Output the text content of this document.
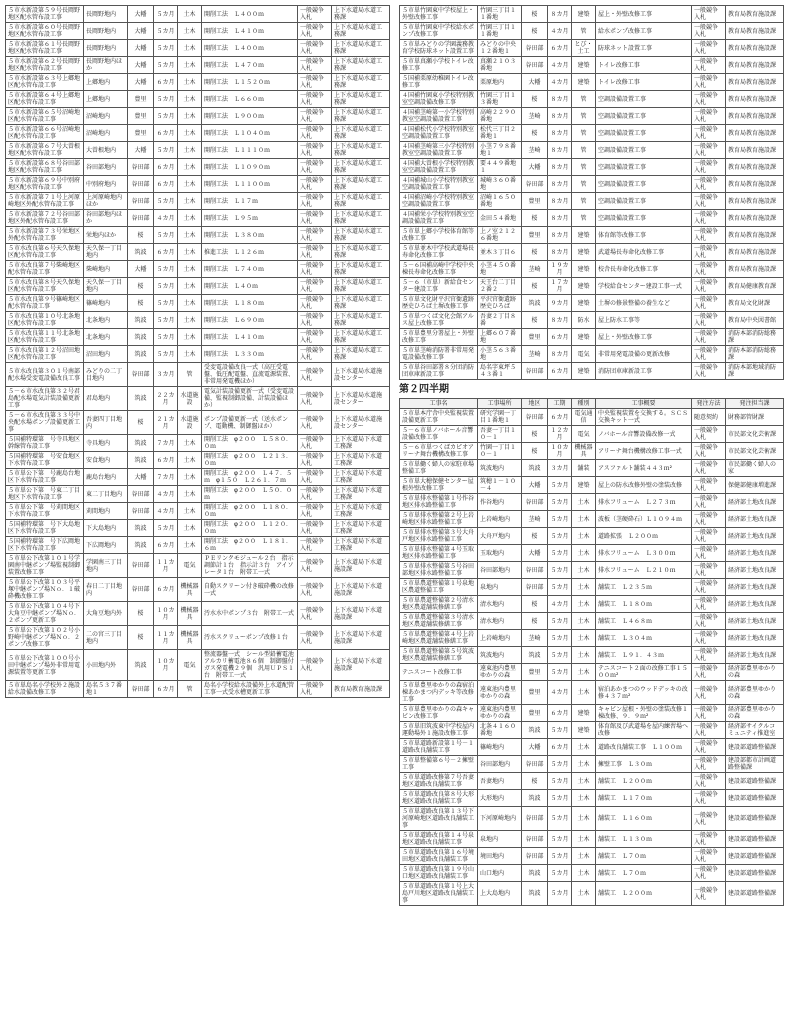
５市水新設第５９号長岡野地区配水管布設工事	長岡野地内	大幡	５カ月	土木	開削工法　Ｌ４００ｍ	一般競争入札	上下水道局水道工務課
５市水新設第６０号長岡野地区配水管布設工事	長岡野地内	大幡	５カ月	土木	開削工法　Ｌ４１０ｍ	一般競争入札	上下水道局水道工務課
５市水新設第６１号長岡野地区配水管布設工事	長岡野地内	大幡	５カ月	土木	開削工法　Ｌ４００ｍ	一般競争入札	上下水道局水道工務課
５市水新設第６２号長岡野地区配水管布設工事	長岡野地内ほか	大幡	５カ月	土木	開削工法　Ｌ４７０ｍ	一般競争入札	上下水道局水道工務課
５市水新設第６３号上郷地区配水管布設工事	上郷地内	大幡	６カ月	土木	開削工法　Ｌ１５２０ｍ	一般競争入札	上下水道局水道工務課
５市水新設第６４号上郷地区配水管布設工事	上郷地内	豊里	５カ月	土木	開削工法　Ｌ６６０ｍ	一般競争入札	上下水道局水道工務課
５市水新設第６５号沼崎地区配水管布設工事	沼崎地内	豊里	５カ月	土木	開削工法　Ｌ９００ｍ	一般競争入札	上下水道局水道工務課
５市水新設第６６号沼崎地区配水管布設工事	沼崎地内	豊里	６カ月	土木	開削工法　Ｌ１０４０ｍ	一般競争入札	上下水道局水道工務課
５市水新設第６７号大曽根地区配水管布設工事	大曽根地内	大幡	５カ月	土木	開削工法　Ｌ１１１０ｍ	一般競争入札	上下水道局水道工務課
５市水新設第６８号谷田部地区配水管布設工事	谷田部地内	谷田部	６カ月	土木	開削工法　Ｌ１０９０ｍ	一般競争入札	上下水道局水道工務課
５市水新設第６９号中別府地区配水管布設工事	中別府地内	谷田部	６カ月	土木	開削工法　Ｌ１１００ｍ	一般競争入札	上下水道局水道工務課
５市水新設第７１号上河原崎地区外配水管布設工事	上河原崎地内ほか	谷田部	５カ月	土木	開削工法　Ｌ１７ｍ	一般競争入札	上下水道局水道工務課
５市水新設第７２号谷田部地区外配水管布設工事	谷田部地内ほか	谷田部	４カ月	土木	開削工法　Ｌ９５ｍ	一般競争入札	上下水道局水道工務課
５市水新設第７３号栄地区外配水管布設工事	栄地内ほか	桜	５カ月	土木	開削工法　Ｌ３８０ｍ	一般競争入札	上下水道局水道工務課
５市水改良第６号天久保地区配水管布設工事	天久保一丁目地内	筑波	６カ月	土木	推進工法　Ｌ１２６ｍ	一般競争入札	上下水道局水道工務課
５市水改良第７号柴崎地区配水管布設工事	柴崎地内	大幡	５カ月	土木	開削工法　Ｌ７４０ｍ	一般競争入札	上下水道局水道工務課
５市水改良第８号天久保地区配水管布設工事	天久保一丁目地内	桜	５カ月	土木	開削工法　Ｌ４０ｍ	一般競争入札	上下水道局水道工務課
５市水改良第９号篠崎地区配水管布設工事	篠崎地内	桜	５カ月	土木	開削工法　Ｌ１８０ｍ	一般競争入札	上下水道局水道工務課
５市水改良第１０号北条地区配水管布設工事	北条地内	筑波	５カ月	土木	開削工法　Ｌ６９０ｍ	一般競争入札	上下水道局水道工務課
５市水改良第１１号北条地区配水管布設工事	北条地内	筑波	５カ月	土木	開削工法　Ｌ４１０ｍ	一般競争入札	上下水道局水道工務課
５市水改良第１２号沼田地区配水管布設工事	沼田地内	筑波	５カ月	土木	開削工法　Ｌ３３０ｍ	一般競争入札	上下水道局水道工務課
５市水改良第３０１号南部配水場受変電設備改良工事	みどりの二丁目地内	谷田部	３カ月	管	受変電設備改良一式（高圧受電盤、低圧配電盤、直流電源装置、非常用発電機ほか）	一般競争入札	上下水道局水道施設センター
５－６市水改良第３２号君島配水場電気計装設備更新工事	君島地内	筑波	２２カ月	水道施設	電気計装設備更新一式（受変電設備、監視制御設備、計装設備ほか）	一般競争入札	上下水道局水道施設センター
５－６市水改良第３３号中央配水場ポンプ設備更新工事	吾妻四丁目地内	桜	２１カ月	水道施設	ポンプ設備更新一式（送水ポンプ、電動機、制御盤ほか）	一般競争入札	上下水道局水道施設センター
５国補特環第　号寺具地区幹線管布設工事	寺具地内	筑波	７カ月	土木	開削工法　φ２００　Ｌ５８０．０ｍ	一般競争入札	上下水道局下水道工務課
５国補特環第　号安食地区下水管布設工事	安食地内	筑波	６カ月	土木	開削工法　φ２００　Ｌ２１３．０ｍ	一般競争入札	上下水道局下水道工務課
５市単公下第　号鹿島台地区下水管布設工事	鹿島台地内	大幡	７カ月	土木	開削工法　φ２００　Ｌ４７．５ｍ　φ１５０　Ｌ２６１．７ｍ	一般競争入札	上下水道局下水道工務課
５市単公下第　号東二丁目地区下水管布設工事	東二丁目地内	谷田部	４カ月	土木	開削工法　φ２００　Ｌ５０．０ｍ	一般競争入札	上下水道局下水道工務課
５市単公下第　号苅間地区下水管布設工事	苅間地内	谷田部	４カ月	土木	開削工法　φ２００　Ｌ１８０．０ｍ	一般競争入札	上下水道局下水道工務課
５国補特環第　号下大島地区下水管布設工事	下大島地内	筑波	５カ月	土木	開削工法　φ２００　Ｌ１２０．０ｍ	一般競争入札	上下水道局下水道工務課
５国補特環第　号下広岡地区下水管布設工事	下広岡地内	筑波	６カ月	土木	開削工法　φ２００　Ｌ１８１．６ｍ	一般競争入札	上下水道局下水道工務課
５市単公下改第１０１号学園南中継ポンプ場監視制御装置改修工事	学園南三丁目地内	谷田部	１１カ月	電気	ＰＥリンクモジュール２台　指示調節計１台　指示計３台　アイソレータ１台　附帯工一式	一般競争入札	上下水道局下水道施設課
５市単公下改第１０３号平塚中継ポンプ場Ｎｏ．１破砕機改修工事	春日二丁目地内	谷田部	６カ月	機械器具	自動スクリーン付き破砕機の改修一式	一般競争入札	上下水道局下水道施設課
５市単公下改第１０４号下大角豆中継ポンプ場Ｎｏ．２ポンプ更新工事	大角豆地内外	桜	１０カ月	機械器具	汚水水中ポンプ３台　附帯工一式	一般競争入札	上下水道局下水道施設課
５市単公下改第１０２号小野崎中継ポンプ場Ｎｏ．２ポンプ改修工事	二の宮三丁目地内	桜	１１カ月	機械器具	汚水スクリューポンプ改修１台	一般競争入札	上下水道局下水道施設課
５市単公下改第１００号小田中継ポンプ場外非常用電源装置等更新工事	小田地内外	筑波	１０カ月	電気	整流器盤一式　シール型鉛蓄電池アルカリ蓄電池８６個　制御盤付ガス発電機２９個　汎用ＵＰＳ１台　附帯工一式	一般競争入札	上下水道局下水道施設課
５市単島名小学校外２施設給水設備改修工事	島名５３７番地１	谷田部	６カ月	管	島名小学校給水設備外上水道配管工事一式受水槽更新工事	一般競争入札	教育局教育施設課
５市単竹園東中学校屋上・外壁改修工事	竹園三丁目１１番地	桜	８カ月	建築	屋上・外壁改修工事	一般競争入札	教育局教育施設課
５市単竹園東中学校給水ポンプ改修工事	竹園三丁目１１番地	桜	４カ月	管	給水ポンプ改修工事	一般競争入札	教育局教育施設課
５市単みどりの学園義務教育学校防球ネット設置工事	みどりの中央１２番地１	谷田部	６カ月	とび・土工	防球ネット設置工事	一般競争入札	教育局教育施設課
５市単真瀬小学校トイレ改修工事	真瀬２１０３番地	谷田部	４カ月	建築	トイレ改修工事	一般競争入札	教育局教育施設課
５国補栗原幼稚園トイレ改修工事	栗原地内	大幡	４カ月	建築	トイレ改修工事	一般競争入札	教育局教育施設課
４国補竹園東小学校特別教室空調設備改修工事	竹園三丁目１３番地	桜	８カ月	管	空調設備設置工事	一般競争入札	教育局教育施設課
４国補茎崎第一小学校特別教室空調設備設置工事	高崎２２９０番地	茎崎	８カ月	管	空調設備設置工事	一般競争入札	教育局教育施設課
４国補松代小学校特別教室空調設備設置工事	松代三丁目２番地１	桜	８カ月	管	空調設備設置工事	一般競争入札	教育局教育施設課
４国補茎崎第三小学校特別教室空調設備設置工事	小茎７９８番地１	茎崎	８カ月	管	空調設備設置工事	一般競争入札	教育局教育施設課
４国補大曽根小学校特別教室空調設備設置工事	要４４９番地１	大幡	８カ月	管	空調設備設置工事	一般競争入札	教育局教育施設課
４国補城山小学校特別教室空調設備設置工事	城崎３６０番地	谷田部	８カ月	管	空調設備設置工事	一般競争入札	教育局教育施設課
４国補沼崎小学校特別教室空調設備設置工事	沼崎１６５０番地	豊里	８カ月	管	空調設備設置工事	一般競争入札	教育局教育施設課
４国補栄小学校特別教室空調設備設置工事	金田５４番地	桜	８カ月	管	空調設備設置工事	一般競争入札	教育局教育施設課
５市単上郷小学校体育館等改修工事	上ノ室２１２６番地	豊里	８カ月	建築	体育館等改修工事	一般競争入札	教育局教育施設課
５市単並木中学校武道場長寿命化改修工事	並木３丁目６	桜	８カ月	建築	武道場長寿命化改修工事	一般競争入札	教育局教育施設課
５－６国補高崎中学校中央棟長寿命化改修工事	小茎４５０番地	茎崎	１９カ月	建築	校舎長寿命化改修工事	一般競争入札	教育局教育施設課
５－６（市単）新給食センター建設工事	天王台二丁目２番２	桜	１７カ月	建築	学校給食センター建設工事一式	一般競争入札	教育局健康教育課
５市単文化財平沢官衙遺跡歴史ひろば土塀改修工事	平沢官衙遺跡歴史ひろば	筑波	９カ月	建築	土塀の修景整備の養生など	一般競争入札	教育局文化財課
５市単つくば文化会館アルス屋上改修工事	吾妻２丁目８番	桜	８カ月	防水	屋上防水工事等	一般競争入札	教育局中央図書館
５市単豊里分署屋上・外壁改修工事	上郷６０７番地	豊里	６カ月	建築	屋上・外壁改修工事	一般競争入札	消防本部消防総務課
５市単茎崎消防署非常用発電設備改修工事	小茎５６３番地	茎崎	８カ月	電気	非常用発電設備の更新改修	一般競争入札	消防本部消防総務課
５市単谷田部署８分団消防団車庫新設工事	島名字東坪５４３番１	谷田部	６カ月	建築	消防団車庫新設工事	一般競争入札	消防本部地域消防課
第２四半期
工事名	工事場所	地区	工期	種別	工事概要	発注方法	発注担当課
５市単本庁舎中央監視装置設備更新工事	研究学園一丁目１番地１	谷田部	６カ月	電気通信	中央監視装置を交換する。ＳＣＳ交換キット一式	随意契約	財務部管財課
５－６市単ノバホール音響設備改修工事	吾妻一丁目１０－１	桜	１２カ月	電気	ノバホール音響設備改修一式	一般競争入札	市民部文化芸術課
５－６市単つくばカピオアリーナ舞台機構改修工事	竹園一丁目１０－１	桜	１０カ月	機械器具	アリーナ舞台機構改修工事一式	一般競争入札	市民部文化芸術課
５市単働く婦人の家駐車場整備工事	筑波地内	筑波	３カ月	舗装	アスファルト舗装４４３ｍ²	一般競争入札	市民部働く婦人の家
５市単大穂保健センター屋根外壁改修工事	筑穂１－１０－４	大幡	５カ月	建築	屋上の防水改修外壁の塗装改修	一般競争入札	保健部健康増進課
５市単排水整備第１号作谷地区排水路整備工事	作谷地内	谷田部	５カ月	土木	排水フリューム　Ｌ２７３ｍ	一般競争入札	経済部土地改良課
５市単排水整備第２号上岩崎地区排水路整備工事	上岩崎地内	茎崎	５カ月	土木	波板（茎硬砕石）Ｌ１０９４ｍ	一般競争入札	経済部土地改良課
５市単排水整備第３号大舟戸地区排水路整備工事	大舟戸地内	桜	５カ月	土木	道路拡張　Ｌ２００ｍ	一般競争入札	経済部土地改良課
５市単排水整備第４号玉取地区排水路整備工事	玉取地内	大幡	５カ月	土木	排水フリューム　Ｌ３００ｍ	一般競争入札	経済部土地改良課
５市単排水整備第５号谷田部地区排水路整備工事	谷田部地内	谷田部	５カ月	土木	排水フリューム　Ｌ２１０ｍ	一般競争入札	経済部土地改良課
５市単農道整備第１号泉地区農道整備工事	泉地内	谷田部	５カ月	土木	舗装工　Ｌ２３５ｍ	一般競争入札	経済部土地改良課
５市単農道整備第２号清水地区農道舗装修繕工事	清水地内	桜	４カ月	土木	舗装工　Ｌ１８０ｍ	一般競争入札	経済部土地改良課
５市単農道整備第３号清水地区農道舗装修繕工事	清水地内	桜	５カ月	土木	舗装工　Ｌ４６８ｍ	一般競争入札	経済部土地改良課
５市単農道整備第４号上岩崎地区農道舗装修繕工事	上岩崎地内	茎崎	５カ月	土木	舗装工　Ｌ３０４ｍ	一般競争入札	経済部土地改良課
５市単農道整備第５号筑波地区農道舗装修繕工事	筑波地内	筑波	５カ月	土木	舗装工　Ｌ９１．４３ｍ	一般競争入札	経済部土地改良課
テニスコート改修工事	遠東池内豊里ゆかりの森	豊里	５カ月	土木	テニスコート２面の改修工事１５００ｍ²	一般競争入札	経済部豊里ゆかりの森
５市単豊里ゆかりの森宿泊棟あかまつ内デッキ等改修工事	遠東池内豊里ゆかりの森	豊里	４カ月	土木	宿泊あかまつのウッドデッキの改修４３７ｍ²	一般競争入札	経済部豊里ゆかりの森
５市単豊里ゆかりの森キャビン改修工事	遠東池内豊里ゆかりの森	豊里	６カ月	建築	キャビン屋根・外壁の塗装改修１棟改修、９．９ｍ²	一般競争入札	経済部豊里ゆかりの森
５市単旧筑波東中学校屋内運動場外１施設改修工事	北条４１６０番地	筑波	５カ月	建築	体育館及び武道場を屋内練習場へ改修	一般競争入札	経済部サイクルコミュニティ推進室
５市単道路新設第１号－１道路改良舗装工事	篠崎地内	大幡	６カ月	土木	道路改良舗装工事　Ｌ１００ｍ	一般競争入札	建設部道路整備課
５市単整備第６号－２擁壁工事	谷田部地内	谷田部	５カ月	土木	擁壁工事　Ｌ３０ｍ	一般競争入札	建設部都市計画道路整備課
５市単道路改修第７号吾妻地区道路改良舗装工事	吾妻地内	桜	５カ月	土木	舗装工　Ｌ２００ｍ	一般競争入札	建設部道路整備課
５市単道路改良第８号大形地区道路改良舗装工事	大形地内	筑波	５カ月	土木	舗装工　Ｌ１７０ｍ	一般競争入札	建設部道路整備課
５市単道路改良第１３号下河原崎地区道路改良舗装工事	下河原崎地内	谷田部	５カ月	土木	舗装工　Ｌ１６０ｍ	一般競争入札	建設部道路整備課
５市単道路改良第１４号泉地区道路改良舗装工事	泉地内	谷田部	５カ月	土木	舗装工　Ｌ１３０ｍ	一般競争入札	建設部道路整備課
５市単道路改良第１６号境田地区道路改良舗装工事	境田地内	谷田部	５カ月	土木	舗装工　Ｌ７０ｍ	一般競争入札	建設部道路整備課
５市単道路改良第１９号山口地区道路改良舗装工事	山口地内	筑波	５カ月	土木	舗装工　Ｌ７０ｍ	一般競争入札	建設部道路整備課
５市単道路改良第１号上大島戸川地区道路改良舗装工事	上大島地内	筑波	５カ月	土木	舗装工　Ｌ２００ｍ	一般競争入札	建設部道路整備課
